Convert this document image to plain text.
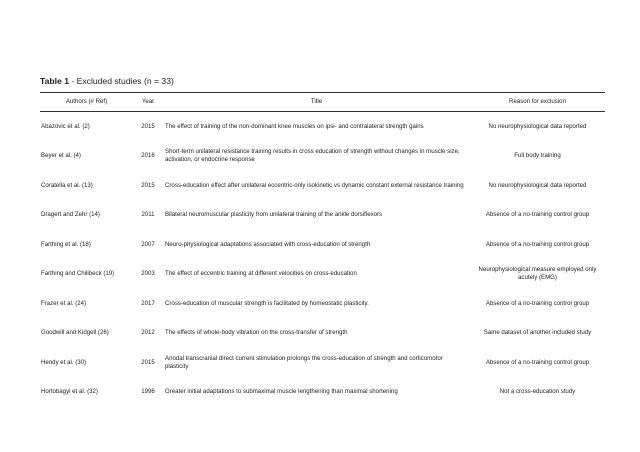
Table 1 - Excluded studies (n = 33)
Authors (# Ref)	Year	Title	Reason for exclusion
Abazovic et al. (2)	2015	The effect of training of the non-dominant knee muscles on ipsi- and contralateral strength gains	No neurophysiological data reported
Beyer et al. (4)	2016	Short-term unilateral resistance training results in cross education of strength without changes in muscle size, activation, or endocrine response	Full body training
Coratella et al. (13)	2015	Cross-education effect after unilateral eccentric-only isokinetic vs dynamic constant external resistance training	No neurophysiological data reported
Dragert and Zehr (14)	2011	Bilateral neuromuscular plasticity from unilateral training of the ankle dorsiflexors	Absence of a no-training control group
Farthing et al. (18)	2007	Neuro-physiological adaptations associated with cross-education of strength	Absence of a no-training control group
Farthing and Chilibeck (19)	2003	The effect of eccentric training at different velocities on cross-education	Neurophysiological measure employed only acutely (EMG)
Frazer et al. (24)	2017	Cross-education of muscular strength is facilitated by homeostatic plasticity.	Absence of a no-training control group
Goodwill and Kidgell (26)	2012	The effects of whole-body vibration on the cross-transfer of strength	Same dataset of another included study
Hendy et al. (30)	2015	Anodal transcranial direct current stimulation prolongs the cross-education of strength and corticomotor plasticity	Absence of a no-training control group
Hortobagyi et al. (32)	1996	Greater initial adaptations to submaximal muscle lengthening than maximal shortening	Not a cross-education study
